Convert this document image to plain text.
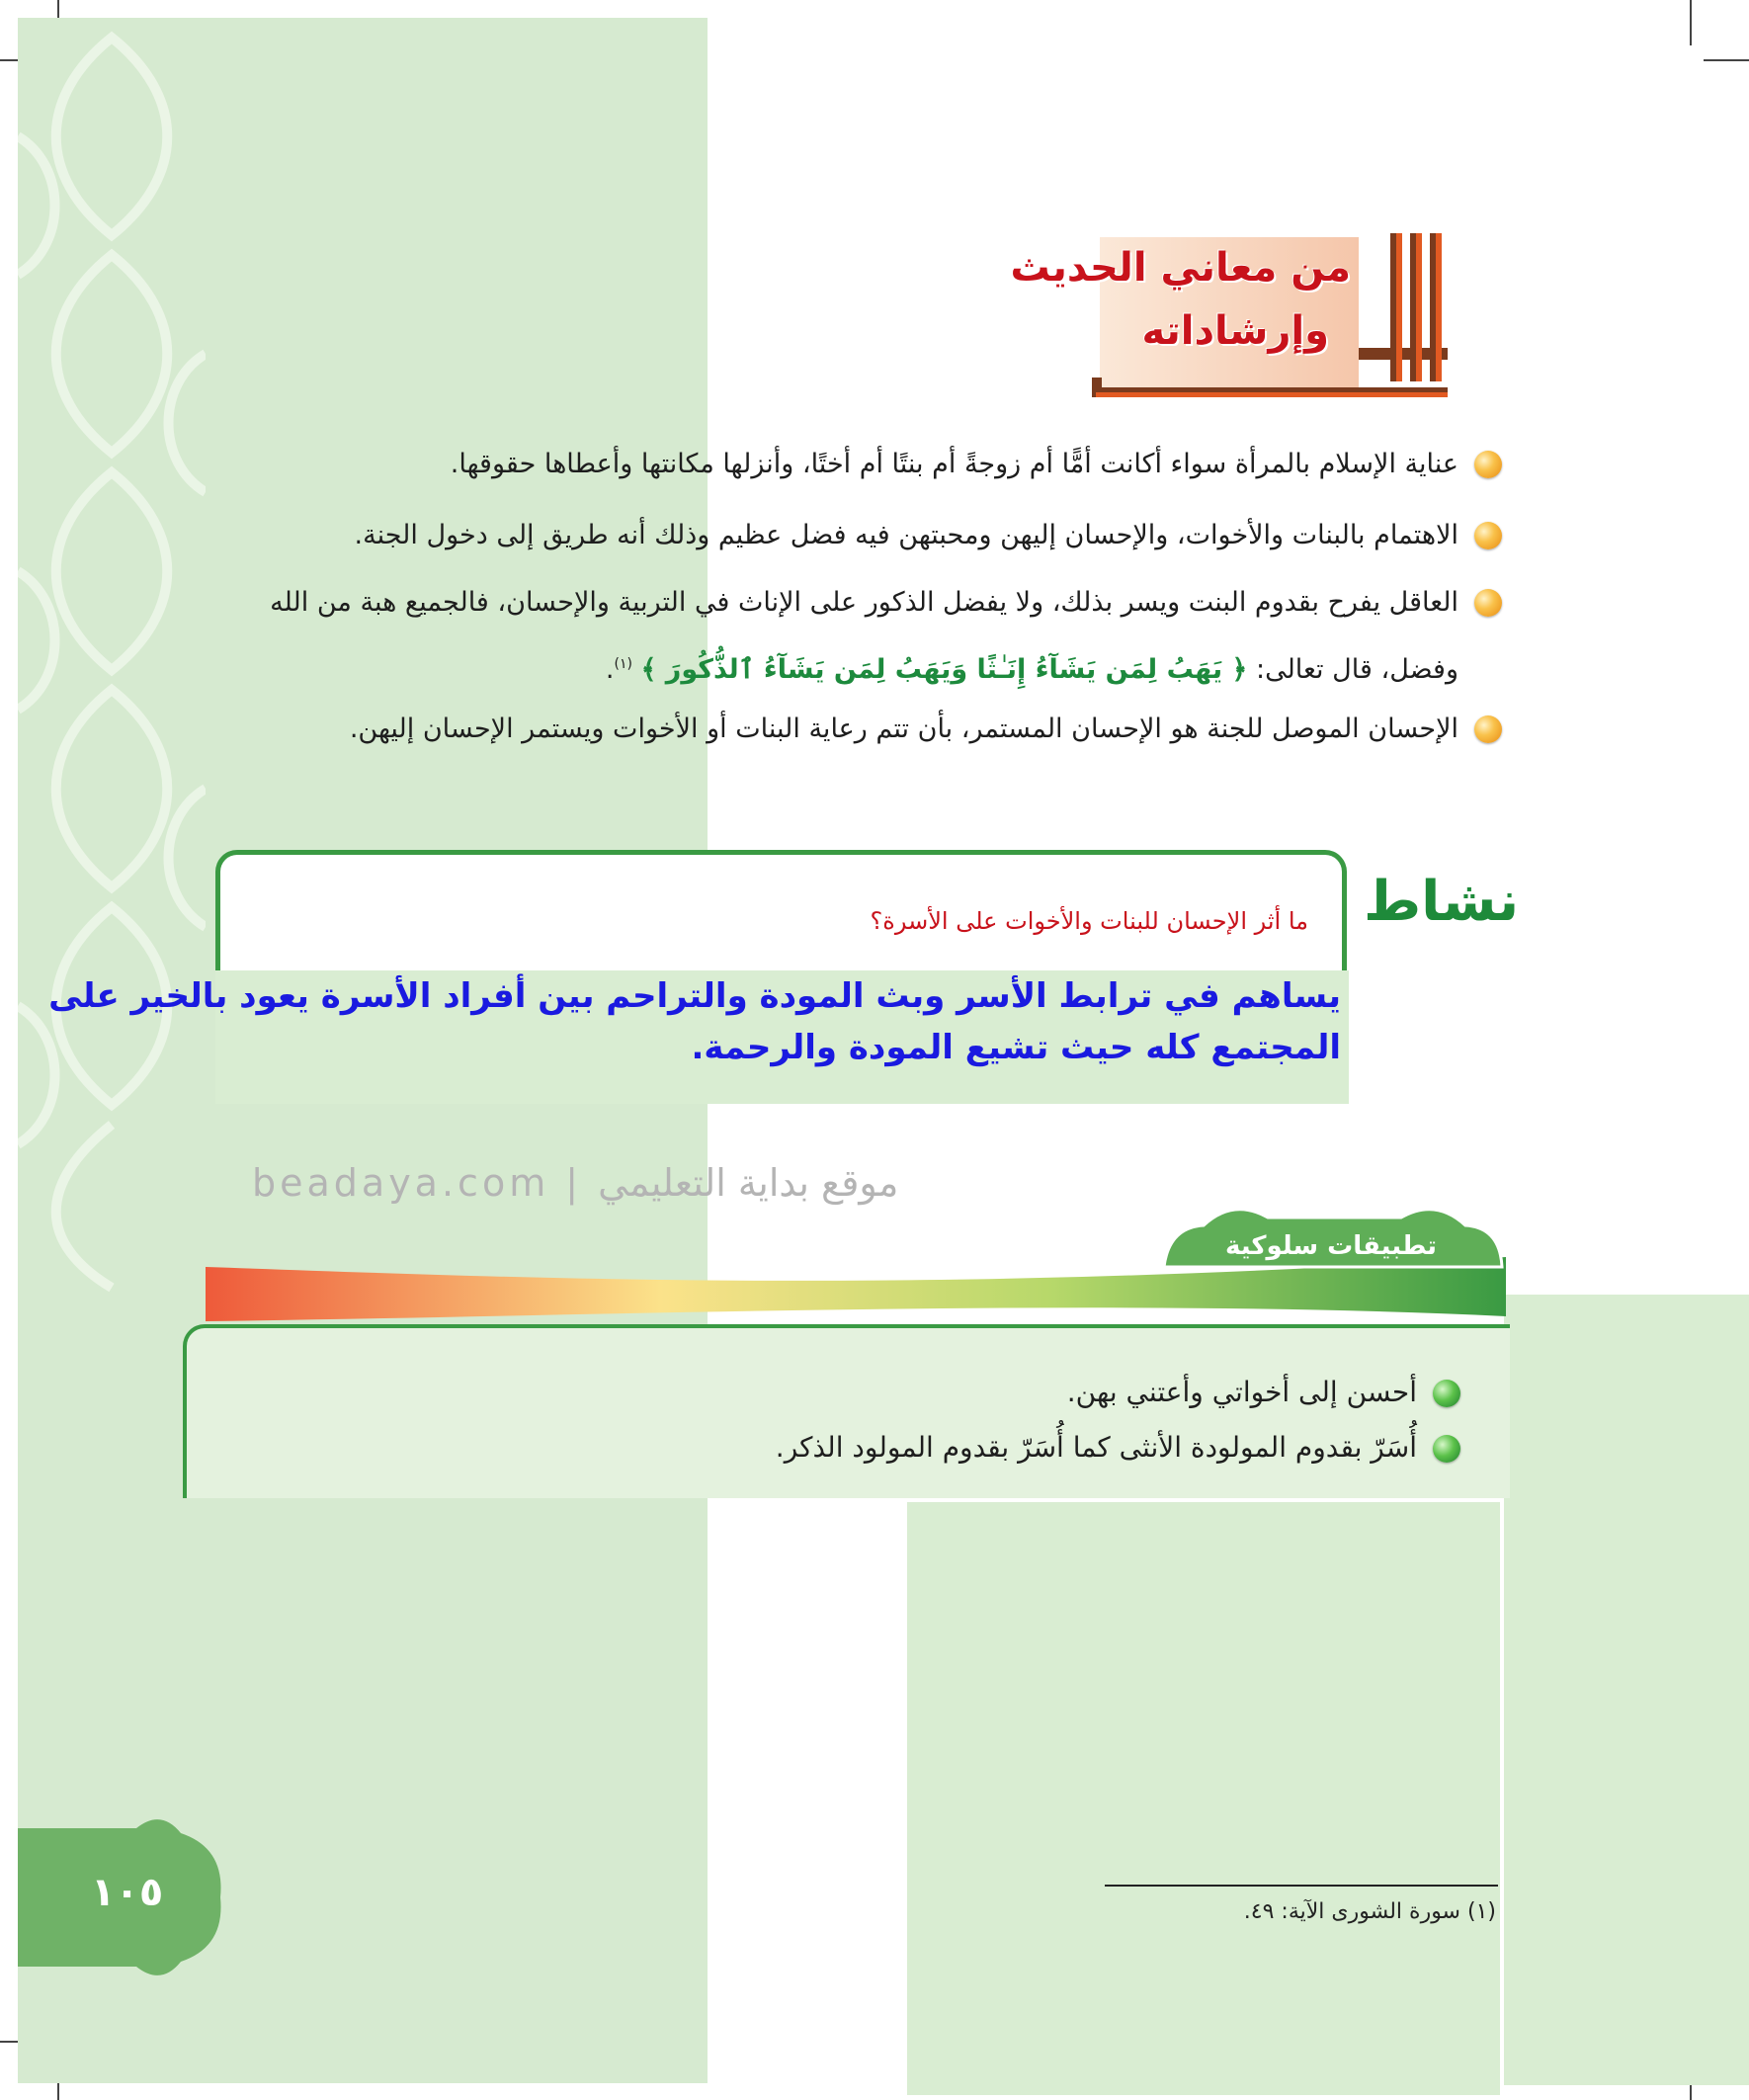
من معاني الحديث
وإرشاداته
عناية الإسلام بالمرأة سواء أكانت أمًّا أم زوجةً أم بنتًا أم أختًا، وأنزلها مكانتها وأعطاها حقوقها.
الاهتمام بالبنات والأخوات، والإحسان إليهن ومحبتهن فيه فضل عظيم وذلك أنه طريق إلى دخول الجنة.
العاقل يفرح بقدوم البنت ويسر بذلك، ولا يفضل الذكور على الإناث في التربية والإحسان، فالجميع هبة من الله
وفضل، قال تعالى: ﴿ يَهَبُ لِمَن يَشَآءُ إِنَـٰثًا وَيَهَبُ لِمَن يَشَآءُ ٱلذُّكُورَ ﴾ $^{(١)}$.
الإحسان الموصل للجنة هو الإحسان المستمر، بأن تتم رعاية البنات أو الأخوات ويستمر الإحسان إليهن.
نشاط
ما أثر الإحسان للبنات والأخوات على الأسرة؟
يساهم في ترابط الأسر وبث المودة والتراحم بين أفراد الأسرة يعود بالخير على
المجتمع كله حيث تشيع المودة والرحمة.
beadaya.com | موقع بداية التعليمي
تطبيقات سلوكية
أحسن إلى أخواتي وأعتني بهن.
أُسَرّ بقدوم المولودة الأنثى كما أُسَرّ بقدوم المولود الذكر.
١٠٥	(١) سورة الشورى الآية: ٤٩.
